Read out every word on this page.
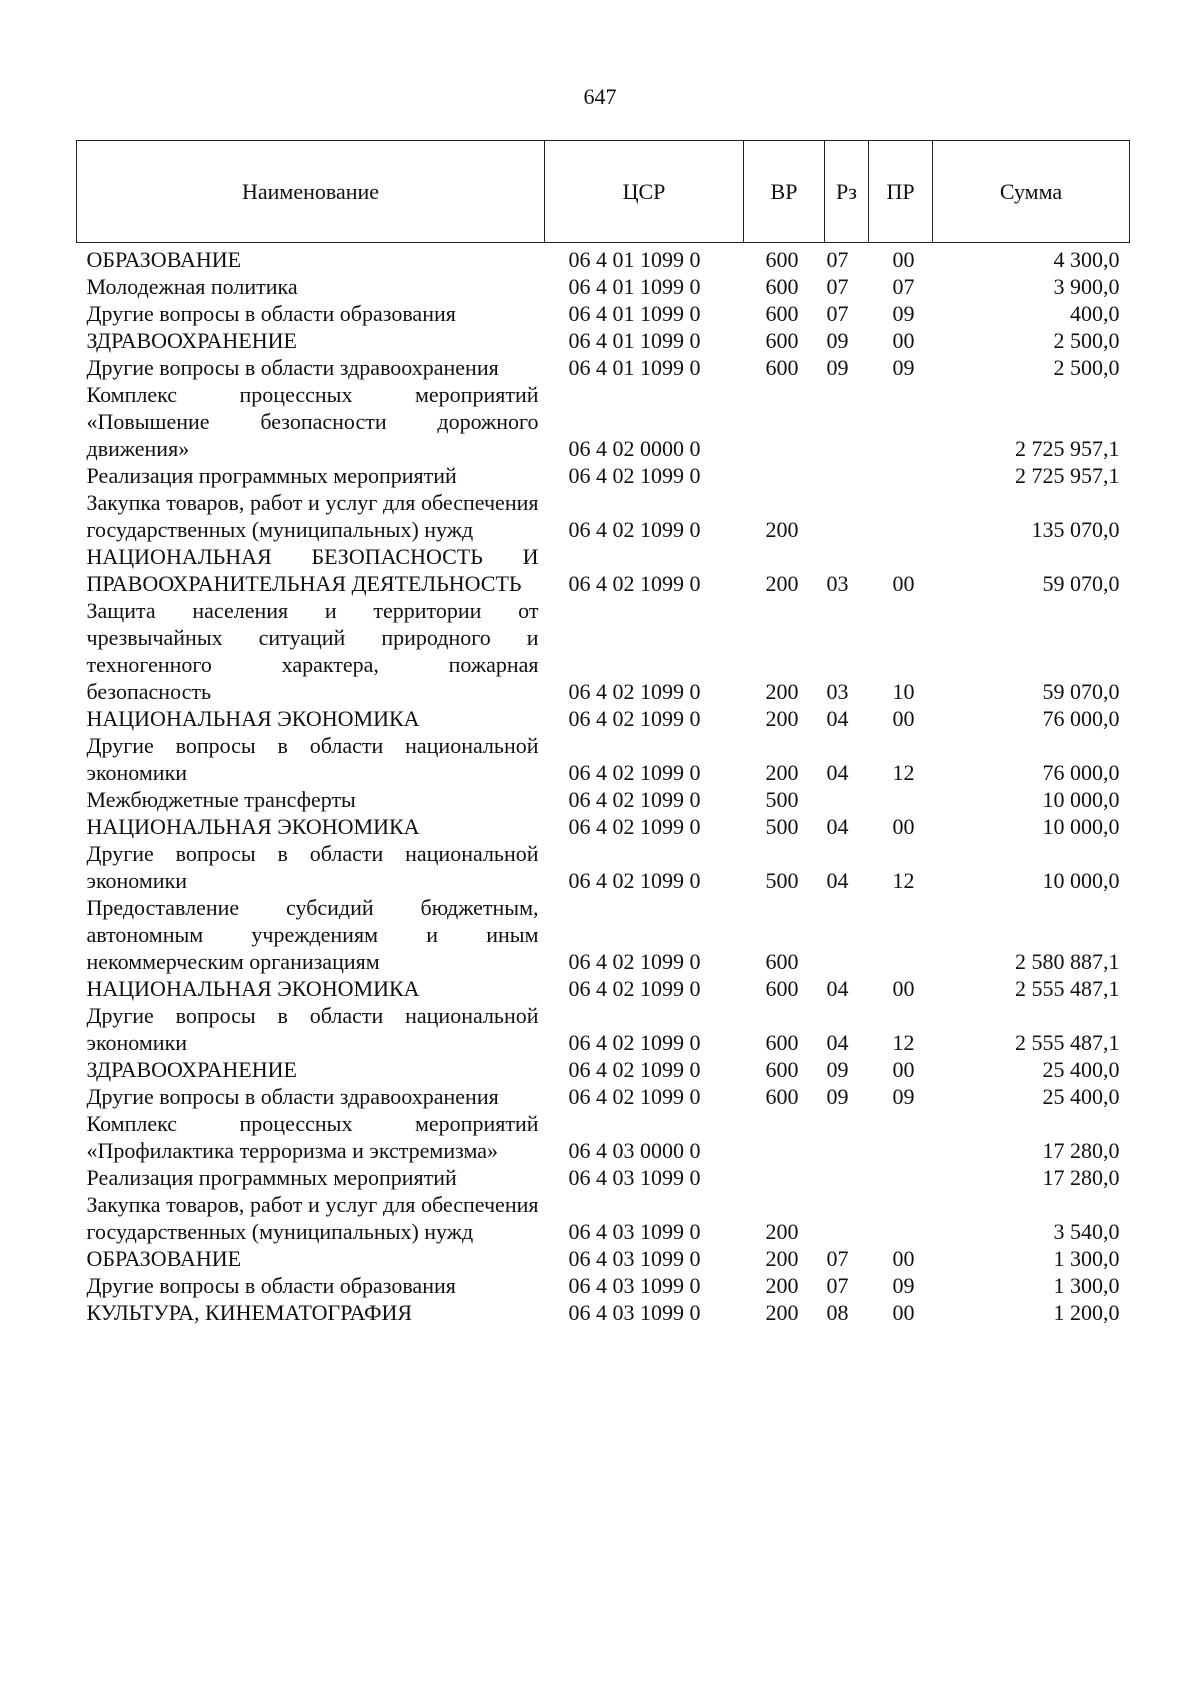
647
Наименование	ЦСР	ВР	Рз	ПР	Сумма
ОБРАЗОВАНИЕ	06 4 01 1099 0	600	07	00	4 300,0
Молодежная политика	06 4 01 1099 0	600	07	07	3 900,0
Другие вопросы в области образования	06 4 01 1099 0	600	07	09	400,0
ЗДРАВООХРАНЕНИЕ	06 4 01 1099 0	600	09	00	2 500,0
Другие вопросы в области здравоохранения	06 4 01 1099 0	600	09	09	2 500,0
Комплекс процессных мероприятий «Повышение безопасности дорожного движения»	06 4 02 0000 0				2 725 957,1
Реализация программных мероприятий	06 4 02 1099 0				2 725 957,1
Закупка товаров, работ и услуг для обеспечения государственных (муниципальных) нужд	06 4 02 1099 0	200			135 070,0
НАЦИОНАЛЬНАЯ БЕЗОПАСНОСТЬ И ПРАВООХРАНИТЕЛЬНАЯ ДЕЯТЕЛЬНОСТЬ	06 4 02 1099 0	200	03	00	59 070,0
Защита населения и территории от чрезвычайных ситуаций природного и техногенного характера, пожарная безопасность	06 4 02 1099 0	200	03	10	59 070,0
НАЦИОНАЛЬНАЯ ЭКОНОМИКА	06 4 02 1099 0	200	04	00	76 000,0
Другие вопросы в области национальной экономики	06 4 02 1099 0	200	04	12	76 000,0
Межбюджетные трансферты	06 4 02 1099 0	500			10 000,0
НАЦИОНАЛЬНАЯ ЭКОНОМИКА	06 4 02 1099 0	500	04	00	10 000,0
Другие вопросы в области национальной экономики	06 4 02 1099 0	500	04	12	10 000,0
Предоставление субсидий бюджетным, автономным учреждениям и иным некоммерческим организациям	06 4 02 1099 0	600			2 580 887,1
НАЦИОНАЛЬНАЯ ЭКОНОМИКА	06 4 02 1099 0	600	04	00	2 555 487,1
Другие вопросы в области национальной экономики	06 4 02 1099 0	600	04	12	2 555 487,1
ЗДРАВООХРАНЕНИЕ	06 4 02 1099 0	600	09	00	25 400,0
Другие вопросы в области здравоохранения	06 4 02 1099 0	600	09	09	25 400,0
Комплекс процессных мероприятий «Профилактика терроризма и экстремизма»	06 4 03 0000 0				17 280,0
Реализация программных мероприятий	06 4 03 1099 0				17 280,0
Закупка товаров, работ и услуг для обеспечения государственных (муниципальных) нужд	06 4 03 1099 0	200			3 540,0
ОБРАЗОВАНИЕ	06 4 03 1099 0	200	07	00	1 300,0
Другие вопросы в области образования	06 4 03 1099 0	200	07	09	1 300,0
КУЛЬТУРА, КИНЕМАТОГРАФИЯ	06 4 03 1099 0	200	08	00	1 200,0
